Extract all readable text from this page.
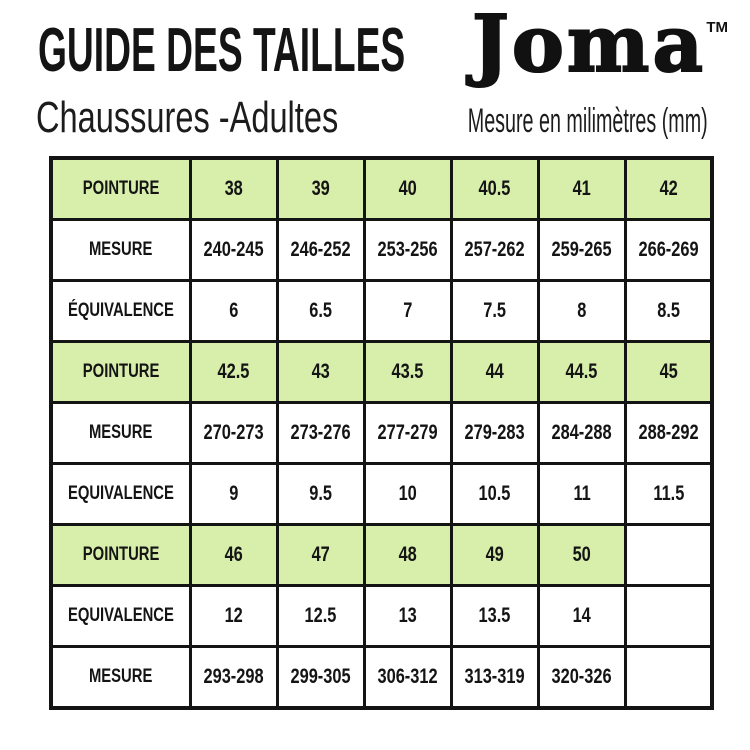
GUIDE DES TAILLES Joma TM
Chaussures -Adultes	Mesure en milimètres (mm)
POINTURE	38	39	40	40.5	41	42
MESURE	240-245	246-252	253-256	257-262	259-265	266-269
ÉQUIVALENCE	6	6.5	7	7.5	8	8.5
POINTURE	42.5	43	43.5	44	44.5	45
MESURE	270-273	273-276	277-279	279-283	284-288	288-292
EQUIVALENCE	9	9.5	10	10.5	11	11.5
POINTURE	46	47	48	49	50	
EQUIVALENCE	12	12.5	13	13.5	14	
MESURE	293-298	299-305	306-312	313-319	320-326	
